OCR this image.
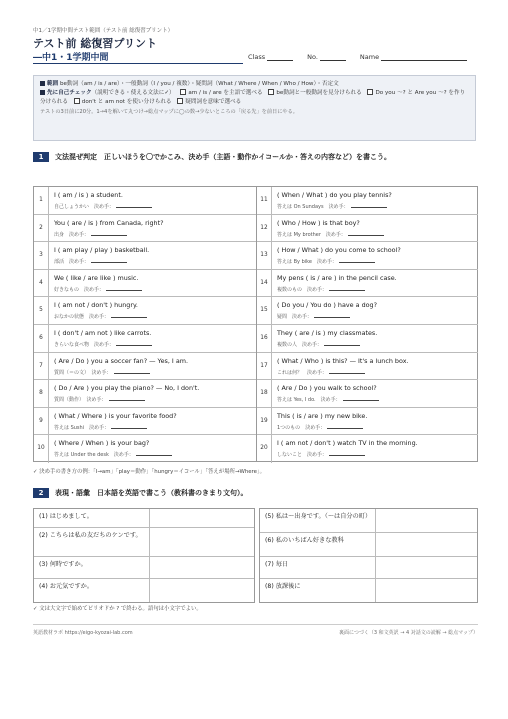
中1／1学期中間テスト範囲（テスト前 総復習プリント）
テスト前 総復習プリント
―中1・1学期中間	Class	No.	Name
範囲 be動詞（am / is / are）・一般動詞（I / you / 複数）・疑問詞（What / Where / When / Who / How）・否定文
先に自己チェック（説明できる・使える文法に✓） am / is / are を主語で選べる be動詞と一般動詞を見分けられる Do you ～? と Are you ～? を作り分けられる don't と am not を使い分けられる 疑問詞を意味で選べる
テストの3日前に20分。1→4を解いて丸つけ→総点マップに◯の数→少ないところの「戻る先」を前日にやる。
1	文法混ぜ判定　正しいほうを〇でかこみ、決め手（主語・動作かイコールか・答えの内容など）を書こう。
1
I ( am / is ) a student.
自己しょうかい　 決め手：
2
You ( are / is ) from Canada, right?
出身　 決め手：
3
I ( am play / play ) basketball.
部活　 決め手：
4
We ( like / are like ) music.
好きなもの　 決め手：
5
I ( am not / don't ) hungry.
おなかの状態　 決め手：
6
I ( don't / am not ) like carrots.
きらいな食べ物　 決め手：
7
( Are / Do ) you a soccer fan? — Yes, I am.
質問（＝の文）　 決め手：
8
( Do / Are ) you play the piano? — No, I don't.
質問（動作）　 決め手：
9
( What / Where ) is your favorite food?
答えは Sushi　 決め手：
10
( Where / When ) is your bag?
答えは Under the desk　 決め手：
11
( When / What ) do you play tennis?
答えは On Sundays　 決め手：
12
( Who / How ) is that boy?
答えは My brother　 決め手：
13
( How / What ) do you come to school?
答えは By bike　 決め手：
14
My pens ( is / are ) in the pencil case.
複数のもの　 決め手：
15
( Do you / You do ) have a dog?
疑問　 決め手：
16
They ( are / is ) my classmates.
複数の人　 決め手：
17
( What / Who ) is this? — It's a lunch box.
これは何？　 決め手：
18
( Are / Do ) you walk to school?
答えは Yes, I do.　 決め手：
19
This ( is / are ) my new bike.
1つのもの　 決め手：
20
I ( am not / don't ) watch TV in the morning.
しないこと　 決め手：
✓ 決め手の書き方の例：「I→am」「play＝動作」「hungry＝イコール」「答えが場所→Where」。
2	表現・語彙　日本語を英語で書こう（教科書のきまり文句）。
(1) はじめまして。
(2) こちらは私の友だちのケンです。
(3) 何時ですか。
(4) お元気ですか。
(5) 私は～出身です。（～は自分の町）
(6) 私のいちばん好きな教科
(7) 毎日
(8) 放課後に
✓ 文は大文字で始めてピリオドか ? で終わる。語句は小文字でよい。
英語教材ラボ https://eigo-kyozai-lab.com	裏面につづく（3 和文英訳 → 4 対話文の読解 → 総点マップ）
